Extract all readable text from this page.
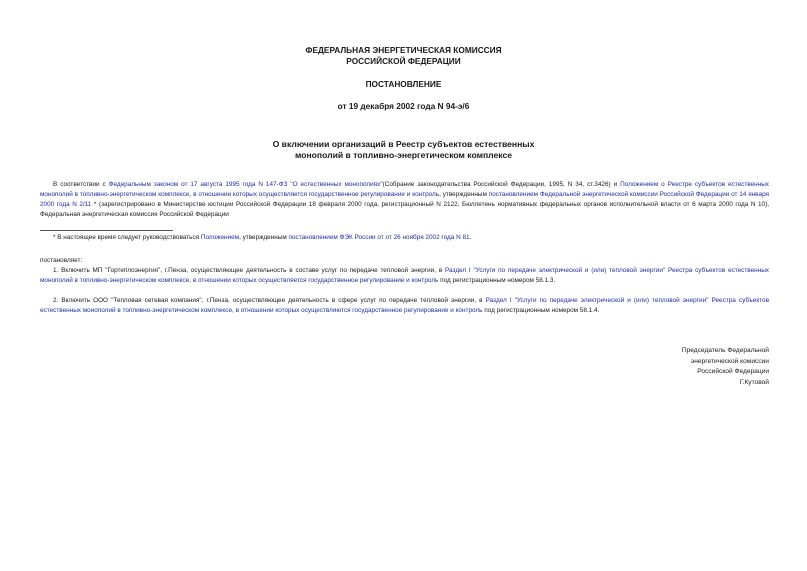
ФЕДЕРАЛЬНАЯ ЭНЕРГЕТИЧЕСКАЯ КОМИССИЯ
РОССИЙСКОЙ ФЕДЕРАЦИИ
ПОСТАНОВЛЕНИЕ
от 19 декабря 2002 года N 94-э/6
О включении организаций в Реестр субъектов естественных
монополий в топливно-энергетическом комплексе
В соответствии с Федеральным законом от 17 августа 1995 года N 147-ФЗ "О естественных монополиях"(Собрание законодательства Российской Федерации, 1995, N 34, ст.3426) и Положением о Реестре субъектов естественных монополий в топливно-энергетическом комплексе, в отношении которых осуществляется государственное регулирование и контроль, утвержденным постановлением Федеральной энергетической комиссии Российской Федерации от 14 января 2000 года N 2/11 * (зарегистрировано в Министерстве юстиции Российской Федерации 18 февраля 2000 года, регистрационный N 2122, Бюллетень нормативных федеральных органов исполнительной власти от 6 марта 2000 года N 10), Федеральная энергетическая комиссия Российской Федерации
* В настоящее время следует руководствоваться Положением, утвержденным постановлением ФЭК России от от 26 ноября 2002 года N 81.
постановляет:
1. Включить МП "Гортеплоэнергия", г.Пенза, осуществляющее деятельность в составе услуг по передаче тепловой энергии, в Раздел I "Услуги по передаче электрической и (или) тепловой энергии" Реестра субъектов естественных монополий в топливно-энергетическом комплексе, в отношении которых осуществляется государственное регулирование и контроль под регистрационным номером 58.1.3.
2. Включить ООО "Тепловая сетевая компания", г.Пенза, осуществляющее деятельность в сфере услуг по передаче тепловой энергии, в Раздел I "Услуги по передаче электрической и (или) тепловой энергии" Реестра субъектов естественных монополий в топливно-энергетическом комплексе, в отношении которых осуществляются государственное регулирование и контроль под регистрационным номером 58.1.4.
Председатель Федеральной
энергетической комиссии
Российской Федерации
Г.Кутовой
